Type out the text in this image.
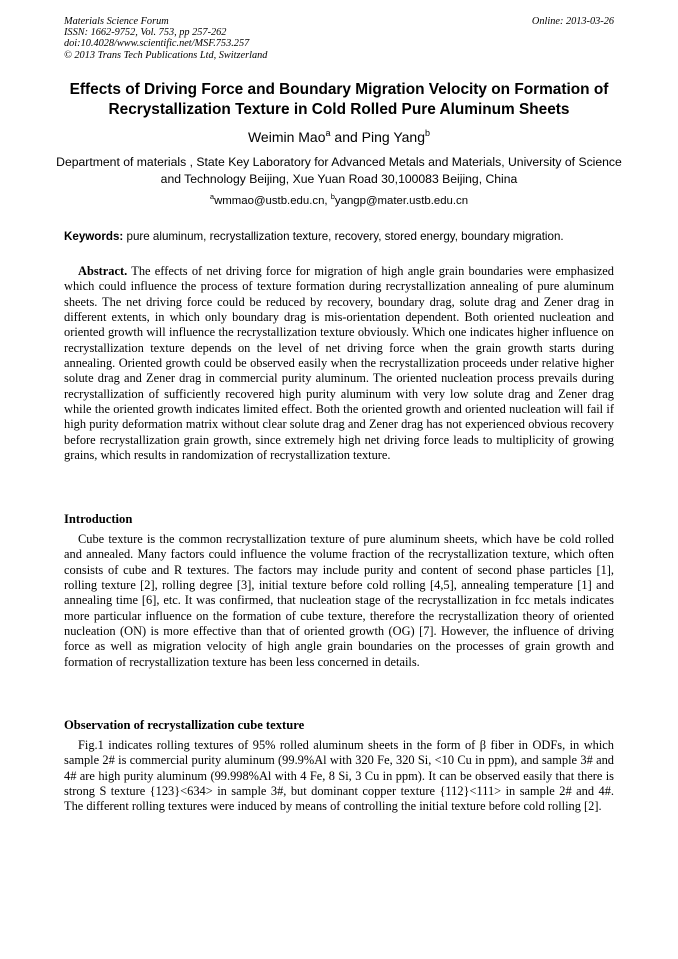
Materials Science Forum
ISSN: 1662-9752, Vol. 753, pp 257-262
doi:10.4028/www.scientific.net/MSF.753.257
© 2013 Trans Tech Publications Ltd, Switzerland
Online: 2013-03-26
Effects of Driving Force and Boundary Migration Velocity on Formation of Recrystallization Texture in Cold Rolled Pure Aluminum Sheets
Weimin Mao$^a$ and Ping Yang$^b$
Department of materials , State Key Laboratory for Advanced Metals and Materials, University of Science and Technology Beijing, Xue Yuan Road 30,100083 Beijing, China
$^a$wmmao@ustb.edu.cn, $^b$yangp@mater.ustb.edu.cn
Keywords: pure aluminum, recrystallization texture, recovery, stored energy, boundary migration.
Abstract. The effects of net driving force for migration of high angle grain boundaries were emphasized which could influence the process of texture formation during recrystallization annealing of pure aluminum sheets. The net driving force could be reduced by recovery, boundary drag, solute drag and Zener drag in different extents, in which only boundary drag is mis-orientation dependent. Both oriented nucleation and oriented growth will influence the recrystallization texture obviously. Which one indicates higher influence on recrystallization texture depends on the level of net driving force when the grain growth starts during annealing. Oriented growth could be observed easily when the recrystallization proceeds under relative higher solute drag and Zener drag in commercial purity aluminum. The oriented nucleation process prevails during recrystallization of sufficiently recovered high purity aluminum with very low solute drag and Zener drag while the oriented growth indicates limited effect. Both the oriented growth and oriented nucleation will fail if high purity deformation matrix without clear solute drag and Zener drag has not experienced obvious recovery before recrystallization grain growth, since extremely high net driving force leads to multiplicity of growing grains, which results in randomization of recrystallization texture.
Introduction
Cube texture is the common recrystallization texture of pure aluminum sheets, which have be cold rolled and annealed. Many factors could influence the volume fraction of the recrystallization texture, which often consists of cube and R textures. The factors may include purity and content of second phase particles [1], rolling texture [2], rolling degree [3], initial texture before cold rolling [4,5], annealing temperature [1] and annealing time [6], etc. It was confirmed, that nucleation stage of the recrystallization in fcc metals indicates more particular influence on the formation of cube texture, therefore the recrystallization theory of oriented nucleation (ON) is more effective than that of oriented growth (OG) [7]. However, the influence of driving force as well as migration velocity of high angle grain boundaries on the processes of grain growth and formation of recrystallization texture has been less concerned in details.
Observation of recrystallization cube texture
Fig.1 indicates rolling textures of 95% rolled aluminum sheets in the form of β fiber in ODFs, in which sample 2# is commercial purity aluminum (99.9%Al with 320 Fe, 320 Si, <10 Cu in ppm), and sample 3# and 4# are high purity aluminum (99.998%Al with 4 Fe, 8 Si, 3 Cu in ppm). It can be observed easily that there is strong S texture {123}<634> in sample 3#, but dominant copper texture {112}<111> in sample 2# and 4#. The different rolling textures were induced by means of controlling the initial texture before cold rolling [2].
